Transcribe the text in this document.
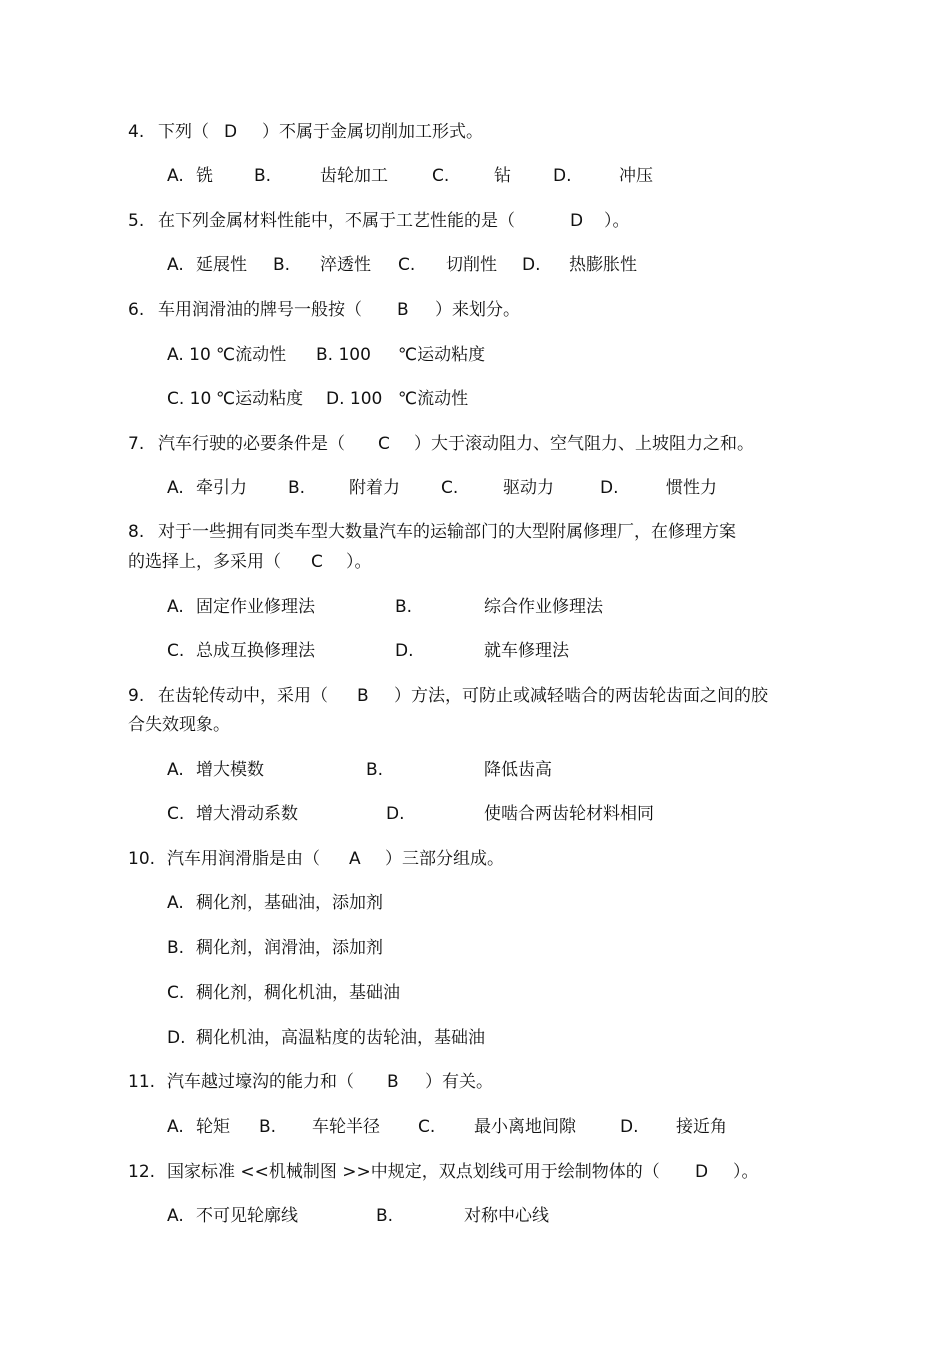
4. 下列（ D ）不属于金属切削加工形式。
A. 铣 B.	齿轮加工	C.	钻 D.	冲压
5. 在下列金属材料性能中，不属于工艺性能的是（	D ）。
A. 延展性 B. 淬透性 C. 切削性 D. 热膨胀性
6. 车用润滑油的牌号一般按（ B ）来划分。
A. 10 ℃流动性 B. 100 ℃运动粘度
C. 10 ℃运动粘度 D. 100 ℃流动性
7. 汽车行驶的必要条件是（ C ）大于滚动阻力、空气阻力、上坡阻力之和。
A. 牵引力 B.	附着力 C.	驱动力	D.	惯性力
8. 对于一些拥有同类车型大数量汽车的运输部门的大型附属修理厂，在修理方案
的选择上，多采用（ C ）。
A. 固定作业修理法	B.	综合作业修理法
C. 总成互换修理法	D.	就车修理法
9. 在齿轮传动中，采用（ B ）方法，可防止或减轻啮合的两齿轮齿面之间的胶
合失效现象。
A. 增大模数	B.	降低齿高
C. 增大滑动系数	D.	使啮合两齿轮材料相同
10. 汽车用润滑脂是由（ A ）三部分组成。
A. 稠化剂，基础油，添加剂
B. 稠化剂，润滑油，添加剂
C. 稠化剂，稠化机油，基础油
D. 稠化机油，高温粘度的齿轮油，基础油
11. 汽车越过壕沟的能力和（ B ）有关。
A. 轮矩 B. 车轮半径 C. 最小离地间隙	D. 接近角
12. 国家标准 <<机械制图 >>中规定，双点划线可用于绘制物体的（ D ）。
A. 不可见轮廓线	B.	对称中心线
